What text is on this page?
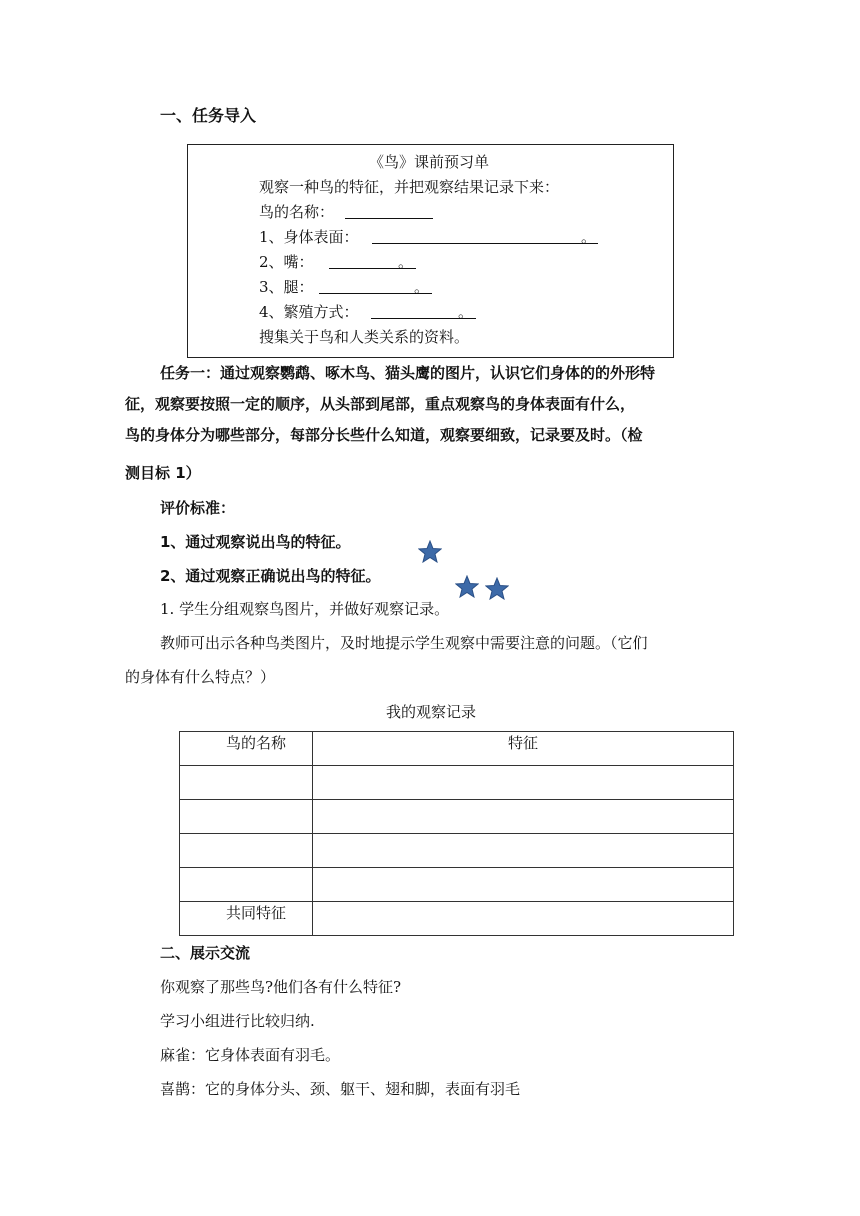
一、任务导入
《鸟》课前预习单
观察一种鸟的特征，并把观察结果记录下来：
鸟的名称：
1、身体表面：	。
2、嘴：	。
3、腿：	。
4、繁殖方式：	。
搜集关于鸟和人类关系的资料。
任务一：通过观察鹦鹉、啄木鸟、猫头鹰的图片，认识它们身体的的外形特
征，观察要按照一定的顺序，从头部到尾部，重点观察鸟的身体表面有什么，
鸟的身体分为哪些部分，每部分长些什么知道，观察要细致，记录要及时。（检
测目标 1）
评价标准：
1、通过观察说出鸟的特征。
2、通过观察正确说出鸟的特征。
1. 学生分组观察鸟图片，并做好观察记录。
教师可出示各种鸟类图片，及时地提示学生观察中需要注意的问题。（它们
的身体有什么特点？）
我的观察记录
鸟的名称	特征

共同特征	
二、展示交流
你观察了那些鸟?他们各有什么特征?
学习小组进行比较归纳.
麻雀：它身体表面有羽毛。
喜鹊：它的身体分头、颈、躯干、翅和脚，表面有羽毛
